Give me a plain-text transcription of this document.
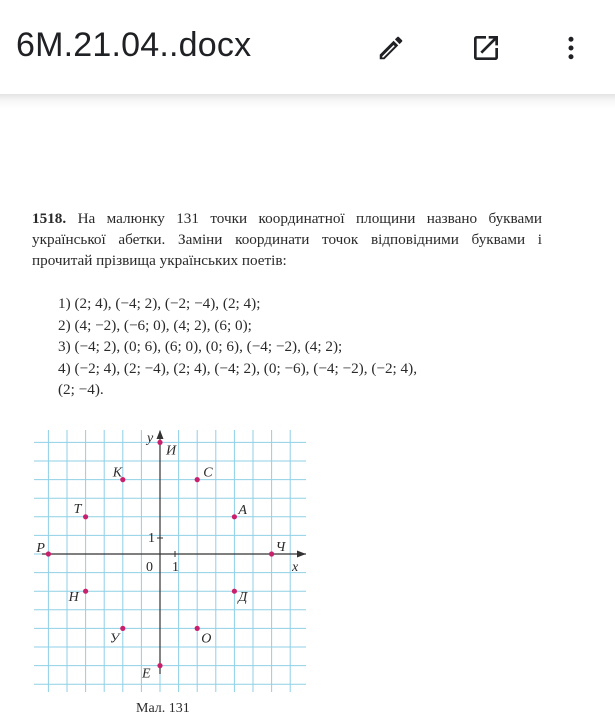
6M.21.04..docx
1518. На малюнку 131 точки координатної площини названо буквами української абетки. Заміни координати точок відповідними буквами і прочитай прізвища українських поетів:
1) (2; 4), (−4; 2), (−2; −4), (2; 4);
2) (4; −2), (−6; 0), (4; 2), (6; 0);
3) (−4; 2), (0; 6), (6; 0), (0; 6), (−4; −2), (4; 2);
4) (−2; 4), (2; −4), (2; 4), (−4; 2), (0; −6), (−4; −2), (−2; 4),
(2; −4).
y
x
0 1
1
И
К	С
Т	А
Р	Ч
Н	Д
У	О
Е
Мал. 131
